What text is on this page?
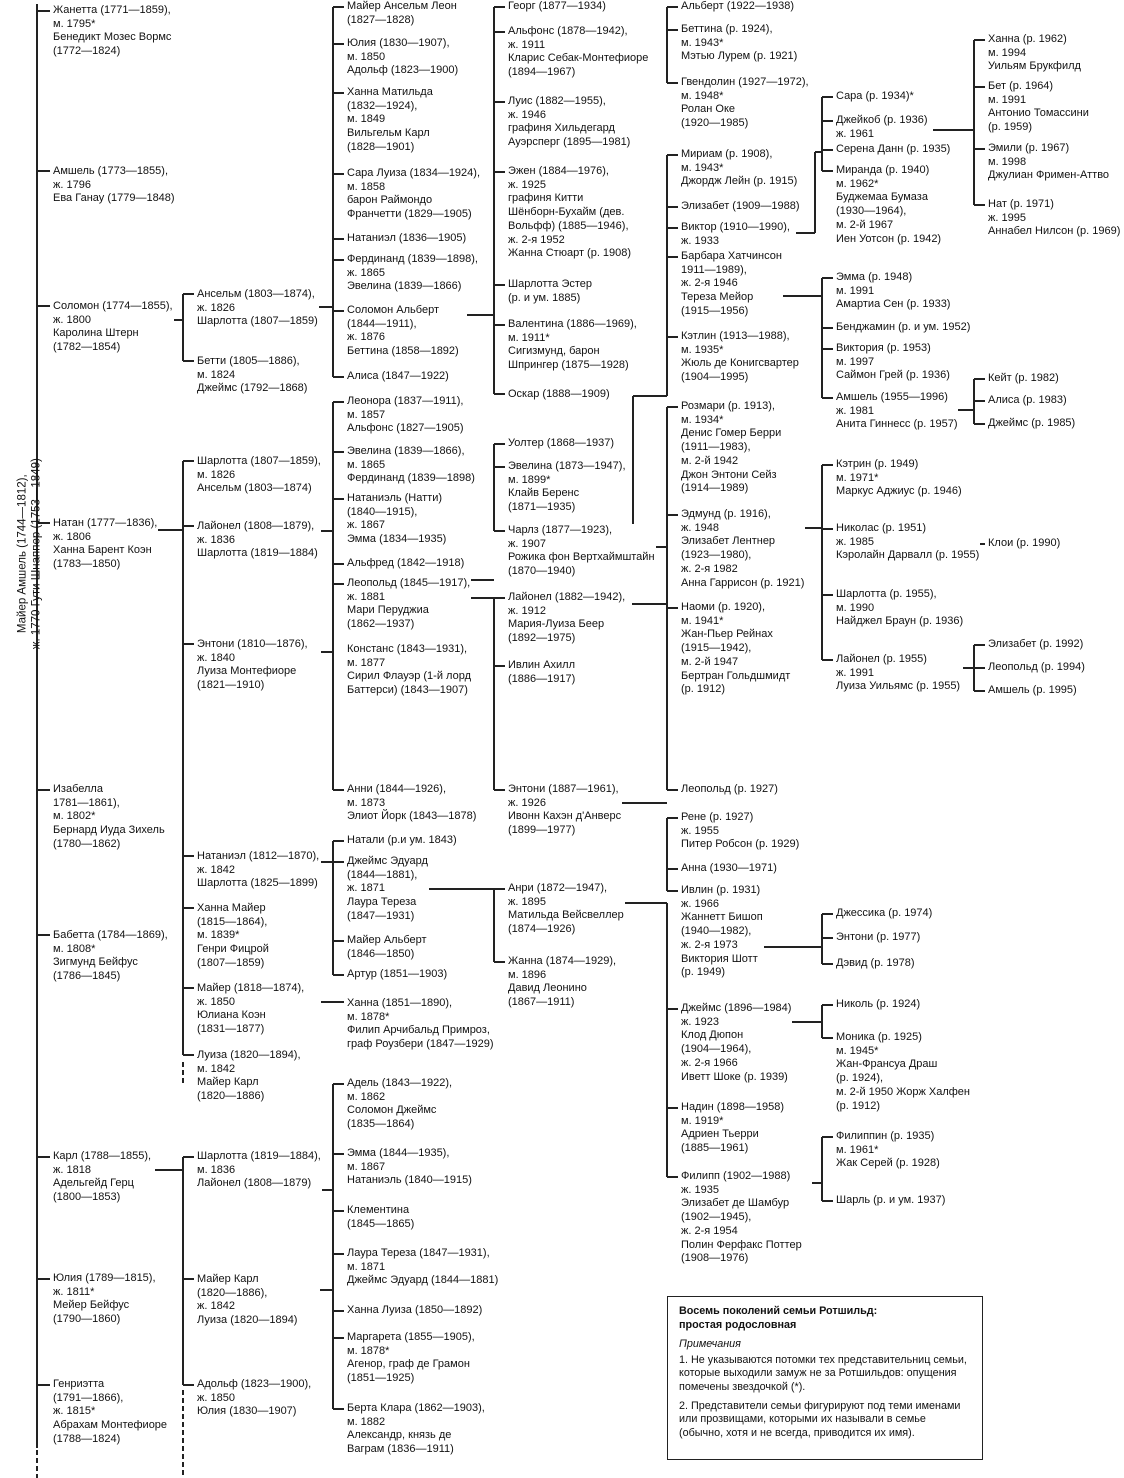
Майер Амшель (1744—1812),
ж. 1770 Гути Шнаппер (1753—1849)
Жанетта (1771—1859),
м. 1795*
Бенедикт Мозес Вормс
(1772—1824)
Амшель (1773—1855),
ж. 1796
Ева Ганау (1779—1848)
Соломон (1774—1855),
ж. 1800
Каролина Штерн
(1782—1854)
Натан (1777—1836),
ж. 1806
Ханна Барент Коэн
(1783—1850)
Изабелла
1781—1861),
м. 1802*
Бернард Иуда Зихель
(1780—1862)
Бабетта (1784—1869),
м. 1808*
Зигмунд Бейфус
(1786—1845)
Карл (1788—1855),
ж. 1818
Адельгейд Герц
(1800—1853)
Юлия (1789—1815),
ж. 1811*
Мейер Бейфус
(1790—1860)
Генриэтта
(1791—1866),
ж. 1815*
Абрахам Монтефиоре
(1788—1824)
Ансельм (1803—1874),
ж. 1826
Шарлотта (1807—1859)
Бетти (1805—1886),
м. 1824
Джеймс (1792—1868)
Шарлотта (1807—1859),
м. 1826
Ансельм (1803—1874)
Лайонел (1808—1879),
ж. 1836
Шарлотта (1819—1884)
Энтони (1810—1876),
ж. 1840
Луиза Монтефиоре
(1821—1910)
Натаниэл (1812—1870),
ж. 1842
Шарлотта (1825—1899)
Ханна Майер
(1815—1864),
м. 1839*
Генри Фицрой
(1807—1859)
Майер (1818—1874),
ж. 1850
Юлиана Коэн
(1831—1877)
Луиза (1820—1894),
м. 1842
Майер Карл
(1820—1886)
Шарлотта (1819—1884),
м. 1836
Лайонел (1808—1879)
Майер Карл
(1820—1886),
ж. 1842
Луиза (1820—1894)
Адольф (1823—1900),
ж. 1850
Юлия (1830—1907)
Майер Ансельм Леон
(1827—1828)
Юлия (1830—1907),
м. 1850
Адольф (1823—1900)
Ханна Матильда
(1832—1924),
м. 1849
Вильгельм Карл
(1828—1901)
Сара Луиза (1834—1924),
м. 1858
барон Раймондо
Франчетти (1829—1905)
Натаниэл (1836—1905)
Фердинанд (1839—1898),
ж. 1865
Эвелина (1839—1866)
Соломон Альберт
(1844—1911),
ж. 1876
Беттина (1858—1892)
Алиса (1847—1922)
Леонора (1837—1911),
м. 1857
Альфонс (1827—1905)
Эвелина (1839—1866),
м. 1865
Фердинанд (1839—1898)
Натаниэль (Натти)
(1840—1915),
ж. 1867
Эмма (1834—1935)
Альфред (1842—1918)
Леопольд (1845—1917),
ж. 1881
Мари Перуджиа
(1862—1937)
Констанс (1843—1931),
м. 1877
Сирил Флауэр (1-й лорд
Баттерси) (1843—1907)
Анни (1844—1926),
м. 1873
Элиот Йорк (1843—1878)
Натали (р.и ум. 1843)
Джеймс Эдуард
(1844—1881),
ж. 1871
Лаура Тереза
(1847—1931)
Майер Альберт
(1846—1850)
Артур (1851—1903)
Ханна (1851—1890),
м. 1878*
Филип Арчибальд Примроз,
граф Роузбери (1847—1929)
Адель (1843—1922),
м. 1862
Соломон Джеймс
(1835—1864)
Эмма (1844—1935),
м. 1867
Натаниэль (1840—1915)
Клементина
(1845—1865)
Лаура Тереза (1847—1931),
м. 1871
Джеймс Эдуард (1844—1881)
Ханна Луиза (1850—1892)
Маргарета (1855—1905),
м. 1878*
Агенор, граф де Грамон
(1851—1925)
Берта Клара (1862—1903),
м. 1882
Александр, князь де
Ваграм (1836—1911)
Георг (1877—1934)
Альфонс (1878—1942),
ж. 1911
Кларис Себак-Монтефиоре
(1894—1967)
Луис (1882—1955),
ж. 1946
графиня Хильдегард
Ауэрсперг (1895—1981)
Эжен (1884—1976),
ж. 1925
графиня Китти
Шёнборн-Бухайм (дев.
Вольфф) (1885—1946),
ж. 2-я 1952
Жанна Стюарт (р. 1908)
Шарлотта Эстер
(р. и ум. 1885)
Валентина (1886—1969),
м. 1911*
Сигизмунд, барон
Шпрингер (1875—1928)
Оскар (1888—1909)
Уолтер (1868—1937)
Эвелина (1873—1947),
м. 1899*
Клайв Беренс
(1871—1935)
Чарлз (1877—1923),
ж. 1907
Рожика фон Вертхаймштайн
(1870—1940)
Лайонел (1882—1942),
ж. 1912
Мария-Луиза Беер
(1892—1975)
Ивлин Ахилл
(1886—1917)
Энтони (1887—1961),
ж. 1926
Ивонн Кахэн д'Анверс
(1899—1977)
Анри (1872—1947),
ж. 1895
Матильда Вейсвеллер
(1874—1926)
Жанна (1874—1929),
м. 1896
Давид Леонино
(1867—1911)
Альберт (1922—1938)
Беттина (р. 1924),
м. 1943*
Мэтью Лурем (р. 1921)
Гвендолин (1927—1972),
м. 1948*
Ролан Оке
(1920—1985)
Мириам (р. 1908),
м. 1943*
Джордж Лейн (р. 1915)
Элизабет (1909—1988)
Виктор (1910—1990),
ж. 1933
Барбара Хатчинсон
1911—1989),
ж. 2-я 1946
Тереза Мейор
(1915—1956)
Кэтлин (1913—1988),
м. 1935*
Жюль де Конигсвартер
(1904—1995)
Розмари (р. 1913),
м. 1934*
Денис Гомер Берри
(1911—1983),
м. 2-й 1942
Джон Энтони Сейз
(1914—1989)
Эдмунд (р. 1916),
ж. 1948
Элизабет Лентнер
(1923—1980),
ж. 2-я 1982
Анна Гаррисон (р. 1921)
Наоми (р. 1920),
м. 1941*
Жан-Пьер Рейнах
(1915—1942),
м. 2-й 1947
Бертран Гольдшмидт
(р. 1912)
Леопольд (р. 1927)
Рене (р. 1927)
ж. 1955
Питер Робсон (р. 1929)
Анна (1930—1971)
Ивлин (р. 1931)
ж. 1966
Жаннетт Бишоп
(1940—1982),
ж. 2-я 1973
Виктория Шотт
(р. 1949)
Джеймс (1896—1984)
ж. 1923
Клод Дюпон
(1904—1964),
ж. 2-я 1966
Иветт Шоке (р. 1939)
Надин (1898—1958)
м. 1919*
Адриен Тьерри
(1885—1961)
Филипп (1902—1988)
ж. 1935
Элизабет де Шамбур
(1902—1945),
ж. 2-я 1954
Полин Ферфакс Поттер
(1908—1976)
Сара (р. 1934)*
Джейкоб (р. 1936)
ж. 1961
Серена Данн (р. 1935)
Миранда (р. 1940)
м. 1962*
Буджемаа Бумаза
(1930—1964),
м. 2-й 1967
Иен Уотсон (р. 1942)
Эмма (р. 1948)
м. 1991
Амартиа Сен (р. 1933)
Бенджамин (р. и ум. 1952)
Виктория (р. 1953)
м. 1997
Саймон Грей (р. 1936)
Амшель (1955—1996)
ж. 1981
Анита Гиннесс (р. 1957)
Кэтрин (р. 1949)
м. 1971*
Маркус Аджиус (р. 1946)
Николас (р. 1951)
ж. 1985
Кэролайн Дарвалл (р. 1955)
Шарлотта (р. 1955),
м. 1990
Найджел Браун (р. 1936)
Лайонел (р. 1955)
ж. 1991
Луиза Уильямс (р. 1955)
Джессика (р. 1974)
Энтони (р. 1977)
Дэвид (р. 1978)
Николь (р. 1924)
Моника (р. 1925)
м. 1945*
Жан-Франсуа Драш
(р. 1924),
м. 2-й 1950 Жорж Халфен
(р. 1912)
Филиппин (р. 1935)
м. 1961*
Жак Серей (р. 1928)
Шарль (р. и ум. 1937)
Ханна (р. 1962)
м. 1994
Уильям Брукфилд
Бет (р. 1964)
м. 1991
Антонио Томассини
(р. 1959)
Эмили (р. 1967)
м. 1998
Джулиан Фримен-Аттво
Нат (р. 1971)
ж. 1995
Аннабел Нилсон (р. 1969)
Кейт (р. 1982)
Алиса (р. 1983)
Джеймс (р. 1985)
Клои (р. 1990)
Элизабет (р. 1992)
Леопольд (р. 1994)
Амшель (р. 1995)
Восемь поколений семьи Ротшильд:
простая родословная
Примечания

1. Не указываются потомки тех представительниц семьи, которые выходили замуж не за Ротшильдов: опущения помечены звездочкой (*).

2. Представители семьи фигурируют под теми именами или прозвищами, которыми их называли в семье (обычно, хотя и не всегда, приводится их имя).
